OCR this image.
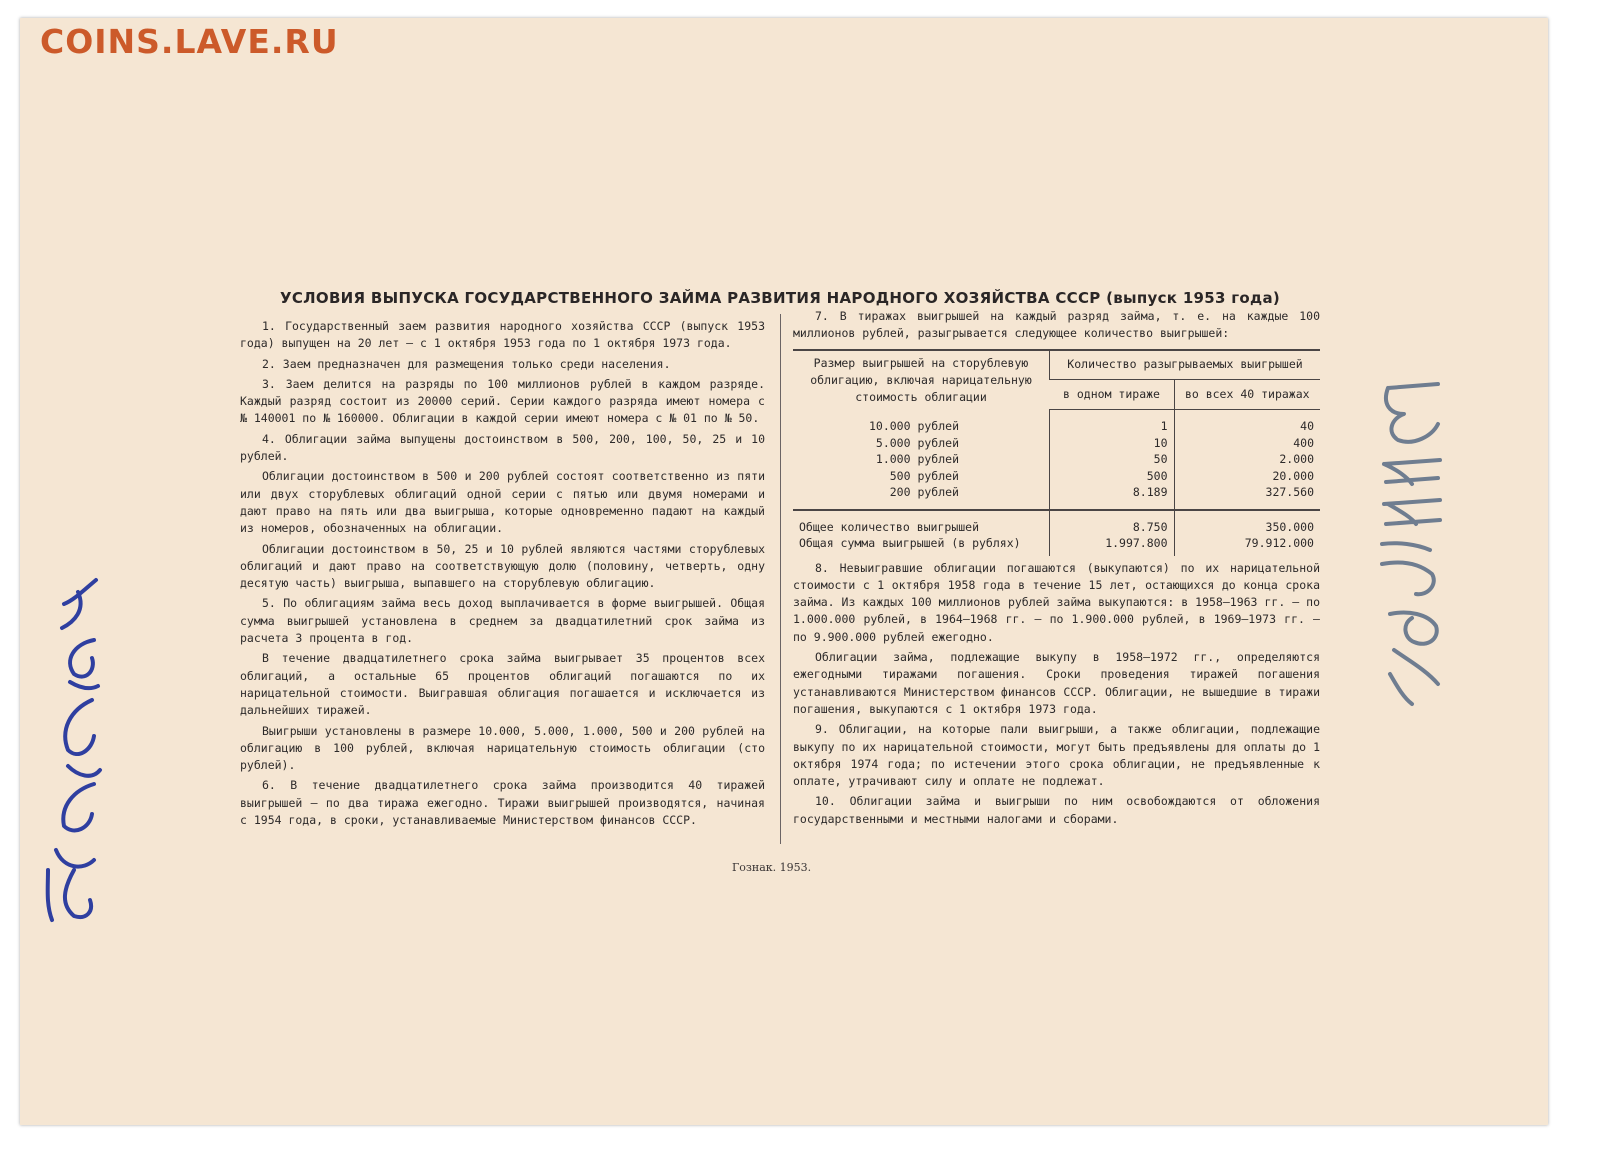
COINS.LAVE.RU
УСЛОВИЯ ВЫПУСКА ГОСУДАРСТВЕННОГО ЗАЙМА РАЗВИТИЯ НАРОДНОГО ХОЗЯЙСТВА СССР (выпуск 1953 года)

1. Государственный заем развития народного хозяйства СССР (выпуск 1953 года) выпущен на 20 лет — с 1 октября 1953 года по 1 октября 1973 года.

2. Заем предназначен для размещения только среди населения.

3. Заем делится на разряды по 100 миллионов рублей в каждом разряде. Каждый разряд состоит из 20000 серий. Серии каждого разряда имеют номера с № 140001 по № 160000. Облигации в каждой серии имеют номера с № 01 по № 50.

4. Облигации займа выпущены достоинством в 500, 200, 100, 50, 25 и 10 рублей.

Облигации достоинством в 500 и 200 рублей состоят соответственно из пяти или двух сторублевых облигаций одной серии с пятью или двумя номерами и дают право на пять или два выигрыша, которые одновременно падают на каждый из номеров, обозначенных на облигации.

Облигации достоинством в 50, 25 и 10 рублей являются частями сторублевых облигаций и дают право на соответствующую долю (половину, четверть, одну десятую часть) выигрыша, выпавшего на сторублевую облигацию.

5. По облигациям займа весь доход выплачивается в форме выигрышей. Общая сумма выигрышей установлена в среднем за двадцатилетний срок займа из расчета 3 процента в год.

В течение двадцатилетнего срока займа выигрывает 35 процентов всех облигаций, а остальные 65 процентов облигаций погашаются по их нарицательной стоимости. Выигравшая облигация погашается и исключается из дальнейших тиражей.

Выигрыши установлены в размере 10.000, 5.000, 1.000, 500 и 200 рублей на облигацию в 100 рублей, включая нарицательную стоимость облигации (сто рублей).

6. В течение двадцатилетнего срока займа производится 40 тиражей выигрышей — по два тиража ежегодно. Тиражи выигрышей производятся, начиная с 1954 года, в сроки, устанавливаемые Министерством финансов СССР.

7. В тиражах выигрышей на каждый разряд займа, т. е. на каждые 100 миллионов рублей, разыгрывается следующее количество выигрышей:

Размер выигрышей на сторублевую облигацию, включая нарицательную стоимость облигации	Количество разыгрываемых выигрышей	
	в одном тираже	во всех 40 тиражах
10.000 рублей	1	40
5.000 рублей	10	400
1.000 рублей	50	2.000
500 рублей	500	20.000
200 рублей	8.189	327.560
Общее количество выигрышей	8.750	350.000
Общая сумма выигрышей (в рублях)	1.997.800	79.912.000

8. Невыигравшие облигации погашаются (выкупаются) по их нарицательной стоимости с 1 октября 1958 года в течение 15 лет, остающихся до конца срока займа. Из каждых 100 миллионов рублей займа выкупаются: в 1958—1963 гг. — по 1.000.000 рублей, в 1964—1968 гг. — по 1.900.000 рублей, в 1969—1973 гг. — по 9.900.000 рублей ежегодно.

Облигации займа, подлежащие выкупу в 1958—1972 гг., определяются ежегодными тиражами погашения. Сроки проведения тиражей погашения устанавливаются Министерством финансов СССР. Облигации, не вышедшие в тиражи погашения, выкупаются с 1 октября 1973 года.

9. Облигации, на которые пали выигрыши, а также облигации, подлежащие выкупу по их нарицательной стоимости, могут быть предъявлены для оплаты до 1 октября 1974 года; по истечении этого срока облигации, не предъявленные к оплате, утрачивают силу и оплате не подлежат.

10. Облигации займа и выигрыши по ним освобождаются от обложения государственными и местными налогами и сборами.

Гознак. 1953.
